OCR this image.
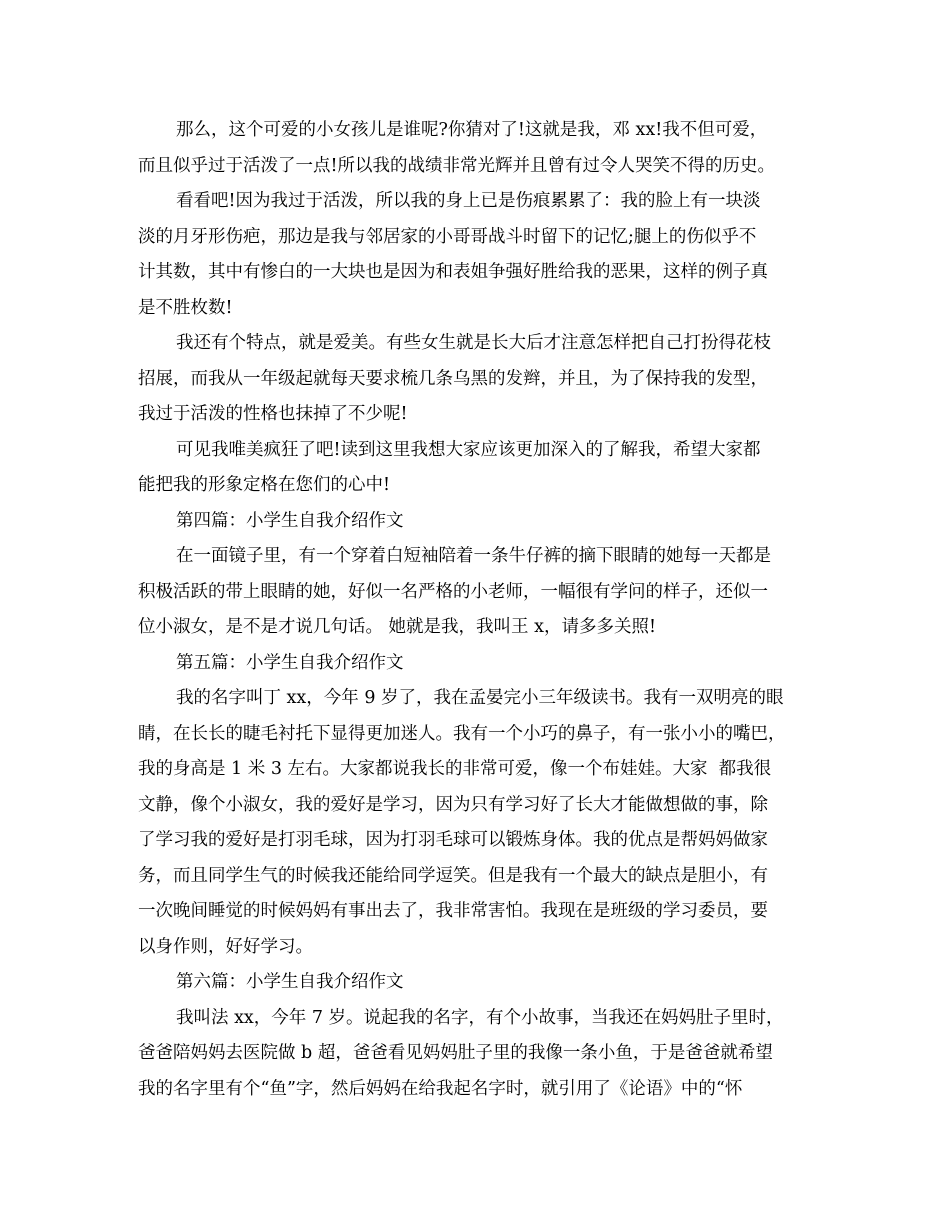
那么，这个可爱的小女孩儿是谁呢?你猜对了!这就是我，邓 xx!我不但可爱，
而且似乎过于活泼了一点!所以我的战绩非常光辉并且曾有过令人哭笑不得的历史。
看看吧!因为我过于活泼，所以我的身上已是伤痕累累了：我的脸上有一块淡
淡的月牙形伤疤，那边是我与邻居家的小哥哥战斗时留下的记忆;腿上的伤似乎不
计其数，其中有惨白的一大块也是因为和表姐争强好胜给我的恶果，这样的例子真
是不胜枚数!
我还有个特点，就是爱美。有些女生就是长大后才注意怎样把自己打扮得花枝
招展，而我从一年级起就每天要求梳几条乌黑的发辫，并且，为了保持我的发型，
我过于活泼的性格也抹掉了不少呢!
可见我唯美疯狂了吧!读到这里我想大家应该更加深入的了解我，希望大家都
能把我的形象定格在您们的心中!
第四篇：小学生自我介绍作文
在一面镜子里，有一个穿着白短袖陪着一条牛仔裤的摘下眼睛的她每一天都是
积极活跃的带上眼睛的她，好似一名严格的小老师，一幅很有学问的样子，还似一
位小淑女，是不是才说几句话。 她就是我，我叫王 x，请多多关照!
第五篇：小学生自我介绍作文
我的名字叫丁 xx，今年 9 岁了，我在孟晏完小三年级读书。我有一双明亮的眼
睛，在长长的睫毛衬托下显得更加迷人。我有一个小巧的鼻子，有一张小小的嘴巴，
我的身高是 1 米 3 左右。大家都说我长的非常可爱，像一个布娃娃。大家  都我很
文静，像个小淑女，我的爱好是学习，因为只有学习好了长大才能做想做的事，除
了学习我的爱好是打羽毛球，因为打羽毛球可以锻炼身体。我的优点是帮妈妈做家
务，而且同学生气的时候我还能给同学逗笑。但是我有一个最大的缺点是胆小，有
一次晚间睡觉的时候妈妈有事出去了，我非常害怕。我现在是班级的学习委员，要
以身作则，好好学习。
第六篇：小学生自我介绍作文
我叫法 xx，今年 7 岁。说起我的名字，有个小故事，当我还在妈妈肚子里时，
爸爸陪妈妈去医院做 b 超，爸爸看见妈妈肚子里的我像一条小鱼，于是爸爸就希望
我的名字里有个“鱼”字，然后妈妈在给我起名字时，就引用了《论语》中的“怀
